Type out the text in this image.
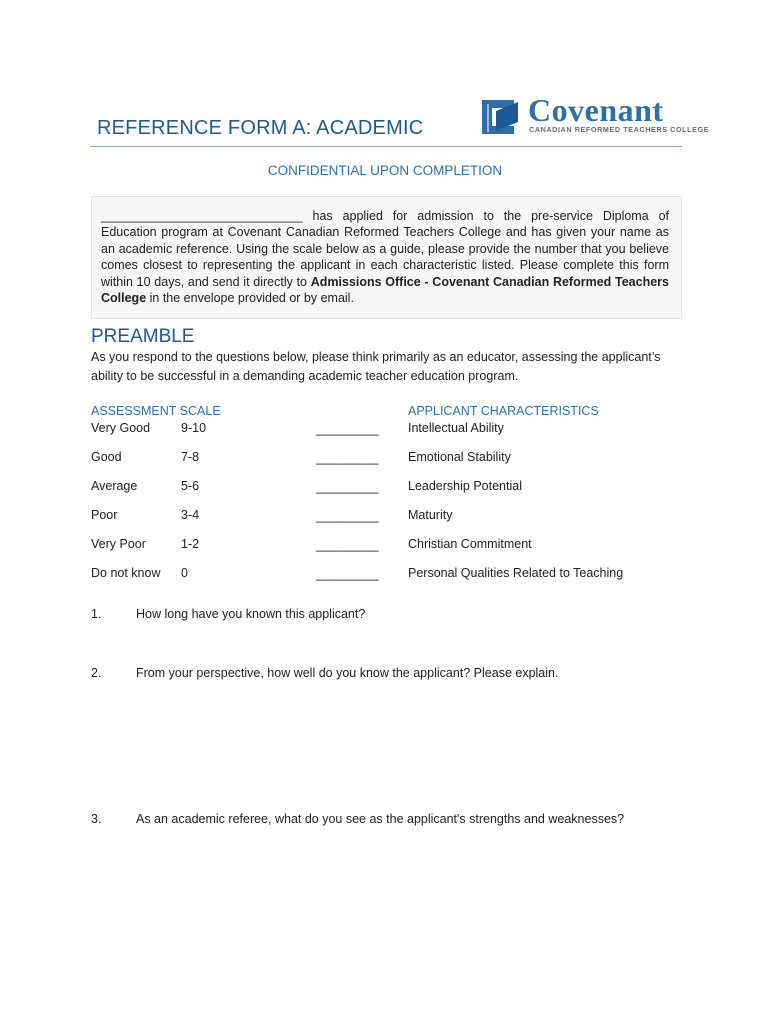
REFERENCE FORM A: ACADEMIC	Covenant
CANADIAN REFORMED TEACHERS COLLEGE
CONFIDENTIAL UPON COMPLETION
_____________________________ has applied for admission to the pre-service Diploma of Education program at Covenant Canadian Reformed Teachers College and has given your name as an academic reference. Using the scale below as a guide, please provide the number that you believe comes closest to representing the applicant in each characteristic listed. Please complete this form within 10 days, and send it directly to Admissions Office - Covenant Canadian Reformed Teachers College in the envelope provided or by email.
PREAMBLE
As you respond to the questions below, please think primarily as an educator, assessing the applicant’s ability to be successful in a demanding academic teacher education program.
ASSESSMENT SCALE	APPLICANT CHARACTERISTICS
Very Good 9-10	_________ Intellectual Ability
Good	7-8	_________ Emotional Stability
Average	5-6	_________ Leadership Potential
Poor	3-4	_________ Maturity
Very Poor	1-2	_________ Christian Commitment
Do not know 0	_________ Personal Qualities Related to Teaching
1.	How long have you known this applicant?
2.	From your perspective, how well do you know the applicant? Please explain.
3.	As an academic referee, what do you see as the applicant's strengths and weaknesses?
